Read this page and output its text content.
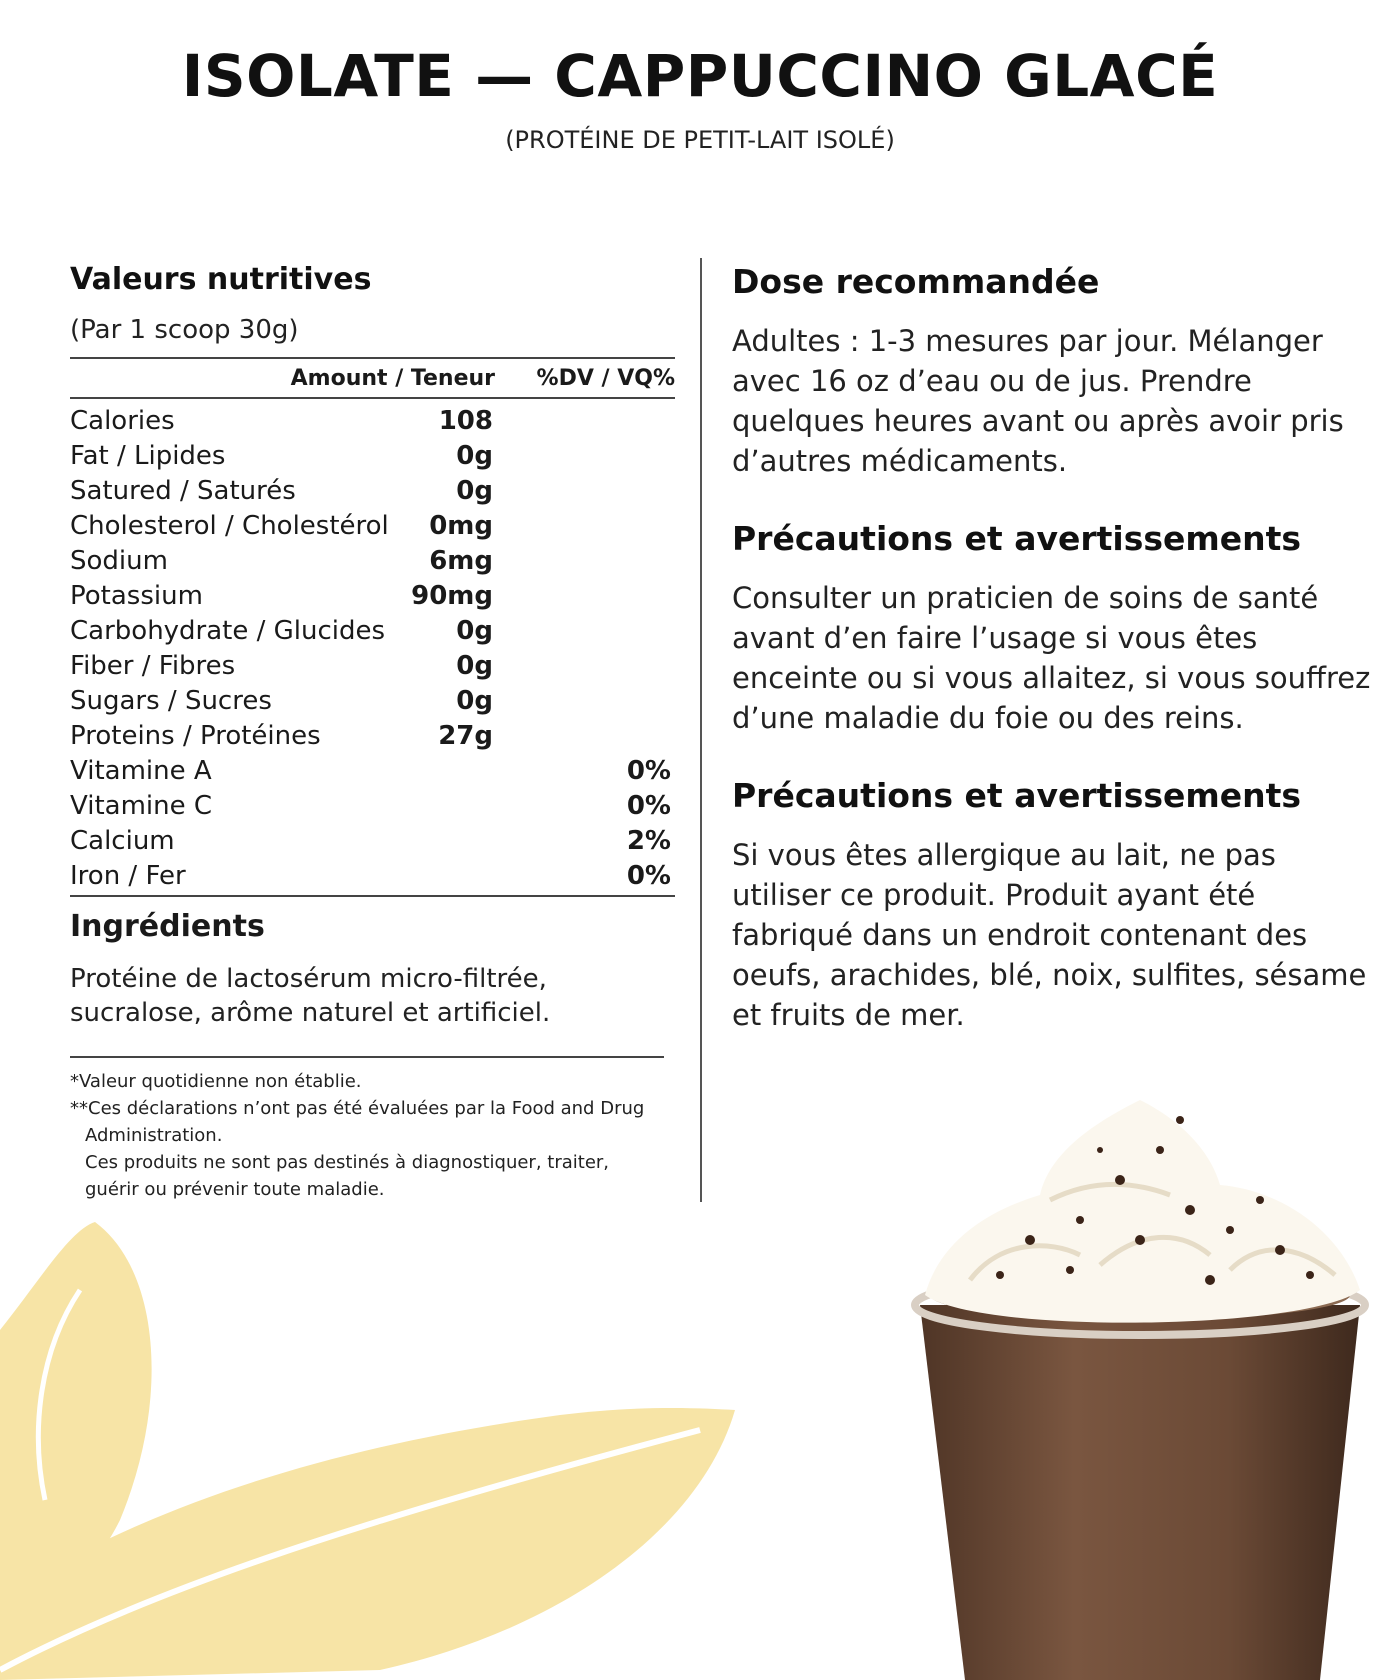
ISOLATE — CAPPUCCINO GLACÉ
(PROTÉINE DE PETIT-LAIT ISOLÉ)
Valeurs nutritives
(Par 1 scoop 30g)
Amount / Teneur %DV / VQ%
Calories	108
Fat / Lipides	0g
Satured / Saturés	0g
Cholesterol / Cholestérol 0mg
Sodium	6mg
Potassium	90mg
Carbohydrate / Glucides	0g
Fiber / Fibres	0g
Sugars / Sucres	0g
Proteins / Protéines	27g
Vitamine A	0%
Vitamine C	0%
Calcium	2%
Iron / Fer	0%
Ingrédients
Protéine de lactosérum micro-filtrée, sucralose, arôme naturel et artificiel.
*Valeur quotidienne non établie.
**Ces déclarations n’ont pas été évaluées par la Food and Drug Administration.
Ces produits ne sont pas destinés à diagnostiquer, traiter, guérir ou prévenir toute maladie.
Dose recommandée
Adultes : 1-3 mesures par jour. Mélanger avec 16 oz d’eau ou de jus. Prendre quelques heures avant ou après avoir pris d’autres médicaments.
Précautions et avertissements
Consulter un praticien de soins de santé avant d’en faire l’usage si vous êtes enceinte ou si vous allaitez, si vous souffrez d’une maladie du foie ou des reins.
Précautions et avertissements
Si vous êtes allergique au lait, ne pas utiliser ce produit. Produit ayant été fabriqué dans un endroit contenant des oeufs, arachides, blé, noix, sulfites, sésame et fruits de mer.
